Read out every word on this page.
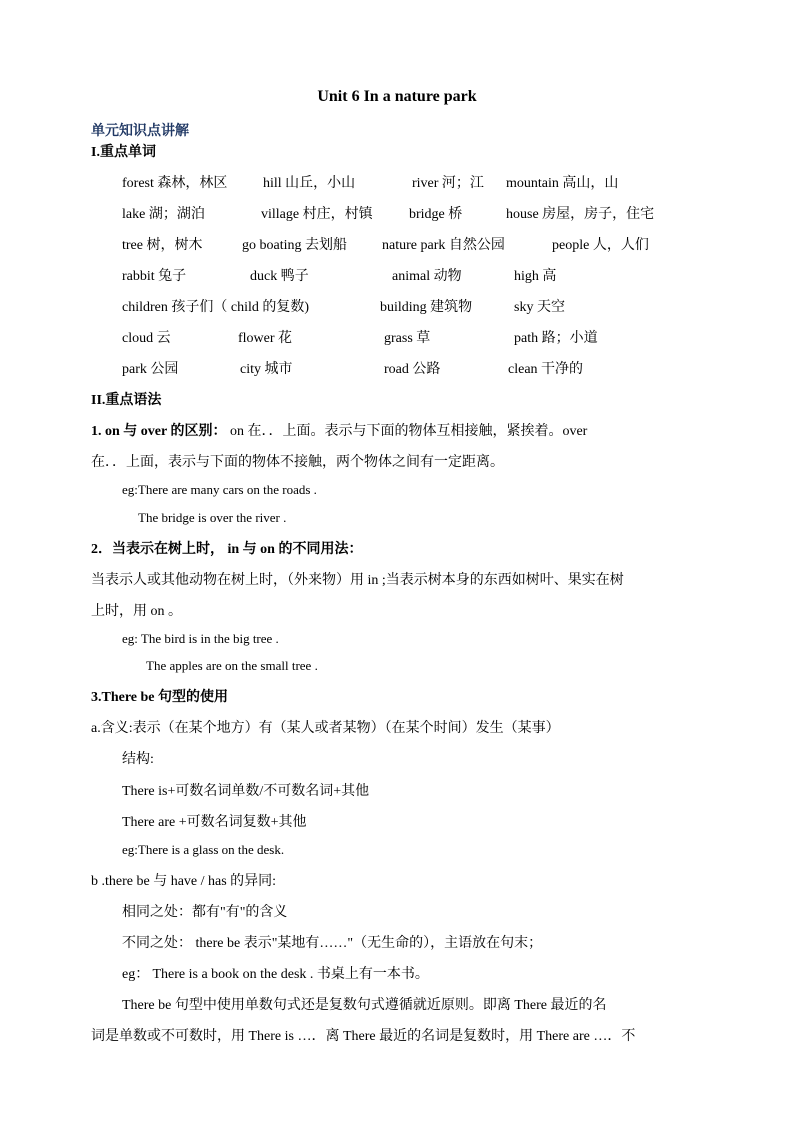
Unit 6 In a nature park
单元知识点讲解
I.重点单词
forest 森林，林区	hill 山丘，小山	river 河；江 mountain 高山，山
lake 湖；湖泊	village 村庄，村镇	bridge 桥	house 房屋，房子，住宅
tree 树，树木	go boating 去划船	nature park 自然公园	people 人，人们
rabbit 兔子	duck 鸭子	animal 动物	high 高
children 孩子们（ child 的复数)	building 建筑物	sky 天空
cloud 云	flower 花	grass 草	path 路；小道
park 公园	city 城市	road 公路	clean 干净的
II.重点语法
1. on 与 over 的区别： on 在．．上面。表示与下面的物体互相接触，紧挨着。over
在．．上面，表示与下面的物体不接触，两个物体之间有一定距离。
eg:There are many cars on the roads .
The bridge is over the river .
2．当表示在树上时， in 与 on 的不同用法：
当表示人或其他动物在树上时，（外来物）用 in ;当表示树本身的东西如树叶、果实在树
上时，用 on 。
eg: The bird is in the big tree .
The apples are on the small tree .
3.There be 句型的使用
a.含义:表示（在某个地方）有（某人或者某物）（在某个时间）发生（某事）
结构:
There is+可数名词单数/不可数名词+其他
There are +可数名词复数+其他
eg:There is a glass on the desk.
b .there be 与 have / has 的异同:
相同之处：都有"有"的含义
不同之处： there be 表示"某地有……"（无生命的），主语放在句末；
eg： There is a book on the desk . 书桌上有一本书。
There be 句型中使用单数句式还是复数句式遵循就近原则。即离 There 最近的名
词是单数或不可数时，用 There is …．离 There 最近的名词是复数时，用 There are …．不
